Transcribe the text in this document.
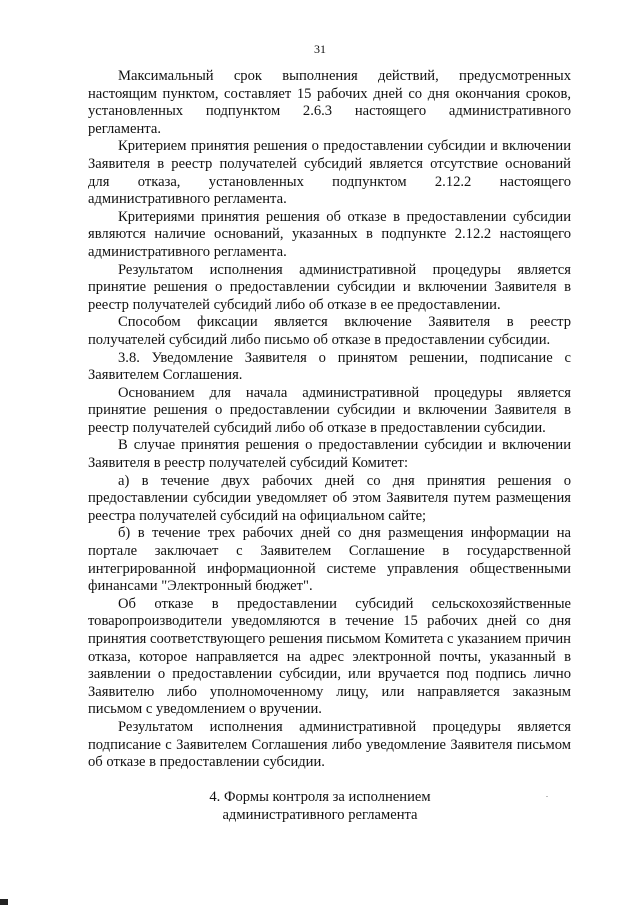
31

Максимальный срок выполнения действий, предусмотренных настоящим пунктом, составляет 15 рабочих дней со дня окончания сроков, установленных подпунктом 2.6.3 настоящего административного регламента.

Критерием принятия решения о предоставлении субсидии и включении Заявителя в реестр получателей субсидий является отсутствие оснований для отказа, установленных подпунктом 2.12.2 настоящего административного регламента.

Критериями принятия решения об отказе в предоставлении субсидии являются наличие оснований, указанных в подпункте 2.12.2 настоящего административного регламента.

Результатом исполнения административной процедуры является принятие решения о предоставлении субсидии и включении Заявителя в реестр получателей субсидий либо об отказе в ее предоставлении.

Способом фиксации является включение Заявителя в реестр получателей субсидий либо письмо об отказе в предоставлении субсидии.

3.8. Уведомление Заявителя о принятом решении, подписание с Заявителем Соглашения.

Основанием для начала административной процедуры является принятие решения о предоставлении субсидии и включении Заявителя в реестр получателей субсидий либо об отказе в предоставлении субсидии.

В случае принятия решения о предоставлении субсидии и включении Заявителя в реестр получателей субсидий Комитет:

а) в течение двух рабочих дней со дня принятия решения о предоставлении субсидии уведомляет об этом Заявителя путем размещения реестра получателей субсидий на официальном сайте;

б) в течение трех рабочих дней со дня размещения информации на портале заключает с Заявителем Соглашение в государственной интегрированной информационной системе управления общественными финансами "Электронный бюджет".

Об отказе в предоставлении субсидий сельскохозяйственные товаропроизводители уведомляются в течение 15 рабочих дней со дня принятия соответствующего решения письмом Комитета с указанием причин отказа, которое направляется на адрес электронной почты, указанный в заявлении о предоставлении субсидии, или вручается под подпись лично Заявителю либо уполномоченному лицу, или направляется заказным письмом с уведомлением о вручении.

Результатом исполнения административной процедуры является подписание с Заявителем Соглашения либо уведомление Заявителя письмом об отказе в предоставлении субсидии.

4. Формы контроля за исполнением
административного регламента
